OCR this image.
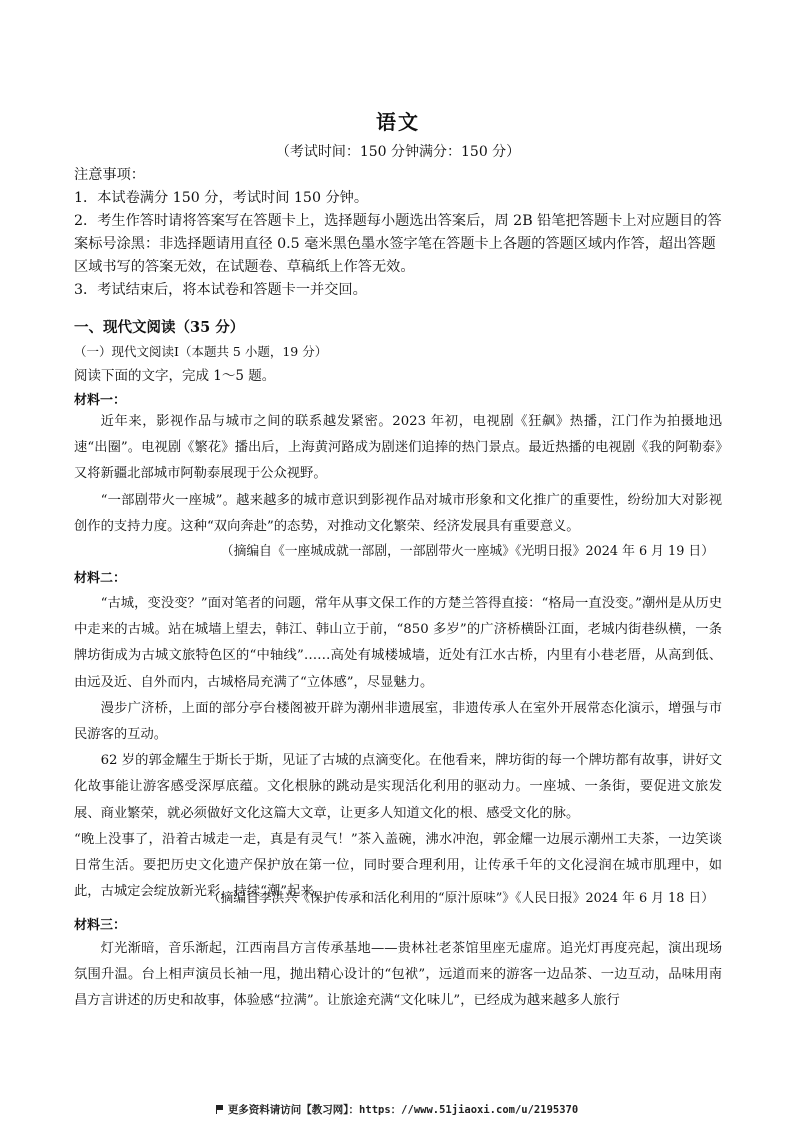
语文
（考试时间：150 分钟满分：150 分）

注意事项：

1．本试卷满分 150 分，考试时间 150 分钟。

2．考生作答时请将答案写在答题卡上，选择题每小题选出答案后，周 2B 铅笔把答题卡上对应题目的答案标号涂黑：非选择题请用直径 0.5 毫米黑色墨水签字笔在答题卡上各题的答题区域内作答，超出答题区域书写的答案无效，在试题卷、草稿纸上作答无效。

3．考试结束后，将本试卷和答题卡一并交回。

一、现代文阅读（35 分）
（一）现代文阅读Ⅰ（本题共 5 小题，19 分）
阅读下面的文字，完成 1～5 题。
材料一：

近年来，影视作品与城市之间的联系越发紧密。2023 年初，电视剧《狂飙》热播，江门作为拍摄地迅速“出圈”。电视剧《繁花》播出后，上海黄河路成为剧迷们追捧的热门景点。最近热播的电视剧《我的阿勒泰》又将新疆北部城市阿勒泰展现于公众视野。

“一部剧带火一座城”。越来越多的城市意识到影视作品对城市形象和文化推广的重要性，纷纷加大对影视创作的支持力度。这种“双向奔赴”的态势，对推动文化繁荣、经济发展具有重要意义。

（摘编自《一座城成就一部剧，一部剧带火一座城》《光明日报》2024 年 6 月 19 日）
材料二：

“古城，变没变？”面对笔者的问题，常年从事文保工作的方楚兰答得直接：“格局一直没变。”潮州是从历史中走来的古城。站在城墙上望去，韩江、韩山立于前，“850 多岁”的广济桥横卧江面，老城内街巷纵横，一条牌坊街成为古城文旅特色区的“中轴线”……高处有城楼城墙，近处有江水古桥，内里有小巷老厝，从高到低、由远及近、自外而内，古城格局充满了“立体感”，尽显魅力。

漫步广济桥，上面的部分亭台楼阁被开辟为潮州非遗展室，非遗传承人在室外开展常态化演示，增强与市民游客的互动。

62 岁的郭金耀生于斯长于斯，见证了古城的点滴变化。在他看来，牌坊街的每一个牌坊都有故事，讲好文化故事能让游客感受深厚底蕴。文化根脉的跳动是实现活化利用的驱动力。一座城、一条街，要促进文旅发展、商业繁荣，就必须做好文化这篇大文章，让更多人知道文化的根、感受文化的脉。

“晚上没事了，沿着古城走一走，真是有灵气！”茶入盖碗，沸水冲泡，郭金耀一边展示潮州工夫茶，一边笑谈日常生活。要把历史文化遗产保护放在第一位，同时要合理利用，让传承千年的文化浸润在城市肌理中，如此，古城定会绽放新光彩，持续“潮”起来。

（摘编自李洪兴《保护传承和活化利用的“原汁原味”》《人民日报》2024 年 6 月 18 日）
材料三：

灯光渐暗，音乐渐起，江西南昌方言传承基地——贵林社老茶馆里座无虚席。追光灯再度亮起，演出现场氛围升温。台上相声演员长袖一甩，抛出精心设计的“包袱”，远道而来的游客一边品茶、一边互动，品味用南昌方言讲述的历史和故事，体验感“拉满”。让旅途充满“文化味儿”，已经成为越来越多人旅行

更多资料请访问【教习网】：https：//www.51jiaoxi.com/u/2195370
